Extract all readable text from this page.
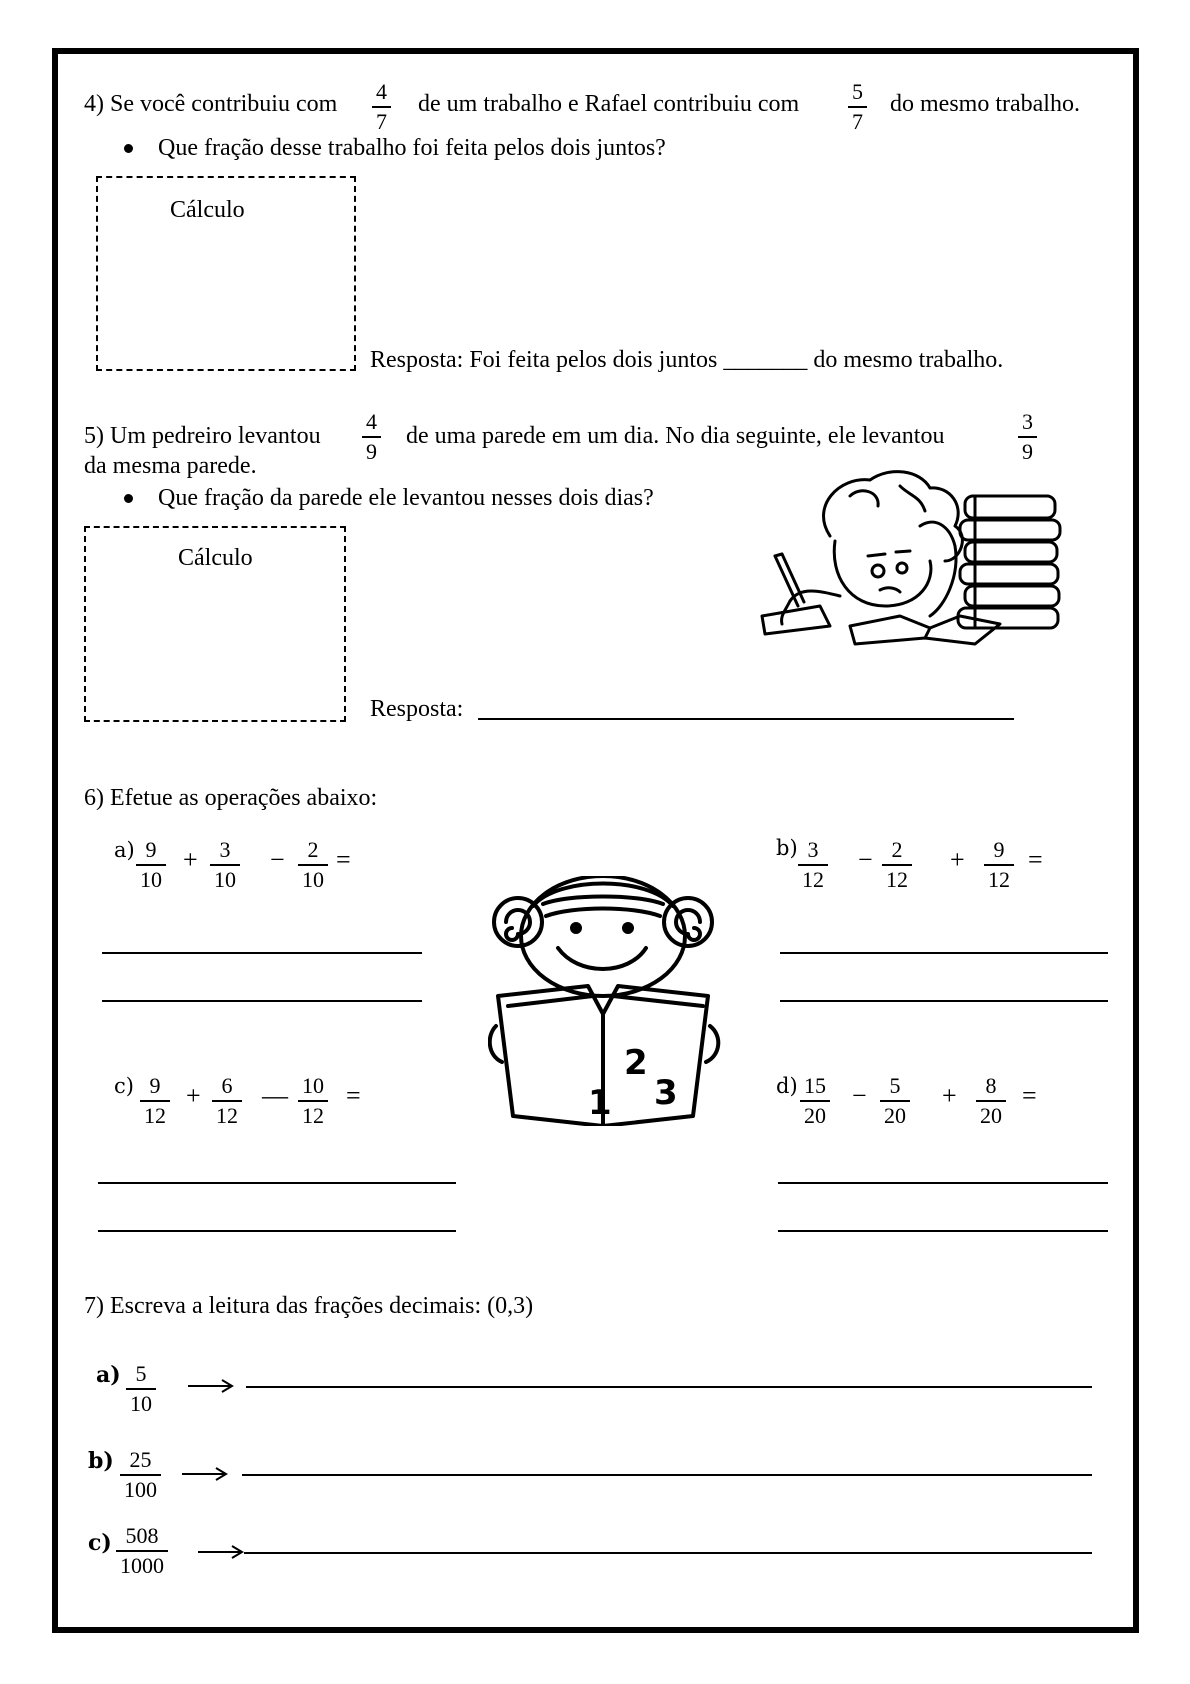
4) Se você contribuiu com $\frac{4}{7}$ de um trabalho e Rafael contribuiu com $\frac{5}{7}$ do mesmo trabalho.
Que fração desse trabalho foi feita pelos dois juntos?
Cálculo
Resposta: Foi feita pelos dois juntos _______ do mesmo trabalho.
5) Um pedreiro levantou $\frac{4}{9}$ de uma parede em um dia. No dia seguinte, ele levantou	$\frac{3}{9}$
da mesma parede.
Que fração da parede ele levantou nesses dois dias?
Cálculo
Resposta:
6) Efetue as operações abaixo:
$a) \frac{9}{10} + \frac{3}{10} - \frac{2}{10}$ =	$b) \frac{3}{12} - \frac{2}{12} + \frac{9}{12}$ =
$c) \frac{9}{12} + \frac{6}{12}$ — $\frac{10}{12}$ =	$d) \frac{15}{20} - \frac{5}{20} + \frac{8}{20}$ =
2
1 3
7) Escreva a leitura das frações decimais: (0,3)
$a) \frac{5}{10}$
$b) \frac{25}{100}$
$c) \frac{508}{1000}$
